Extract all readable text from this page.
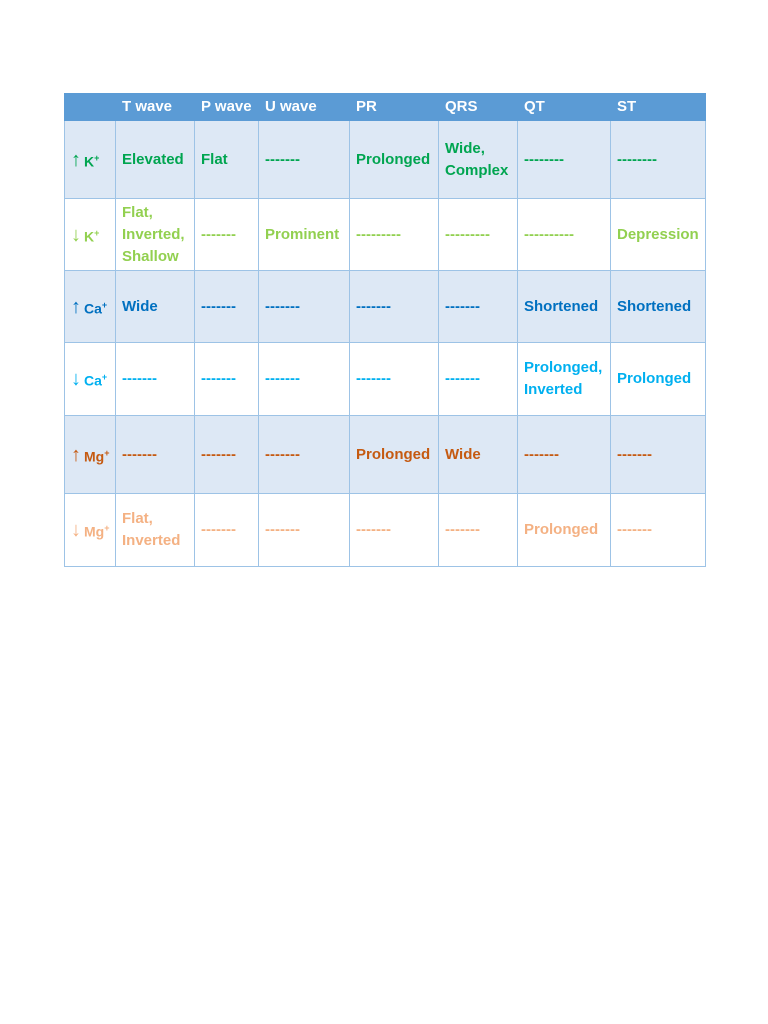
	T wave	P wave	U wave	PR	QRS	QT	ST

↑ K+	Elevated	Flat	-------	Prolonged	Wide, Complex	--------	--------

↓ K+	Flat, Inverted, Shallow	-------	Prominent	---------	---------	----------	Depression

↑ Ca+	Wide	-------	-------	-------	-------	Shortened	Shortened

↓ Ca+	-------	-------	-------	-------	-------	Prolonged, Inverted	Prolonged

↑ Mg+	-------	-------	-------	Prolonged	Wide	-------	-------

↓ Mg+	Flat, Inverted	-------	-------	-------	-------	Prolonged	-------
